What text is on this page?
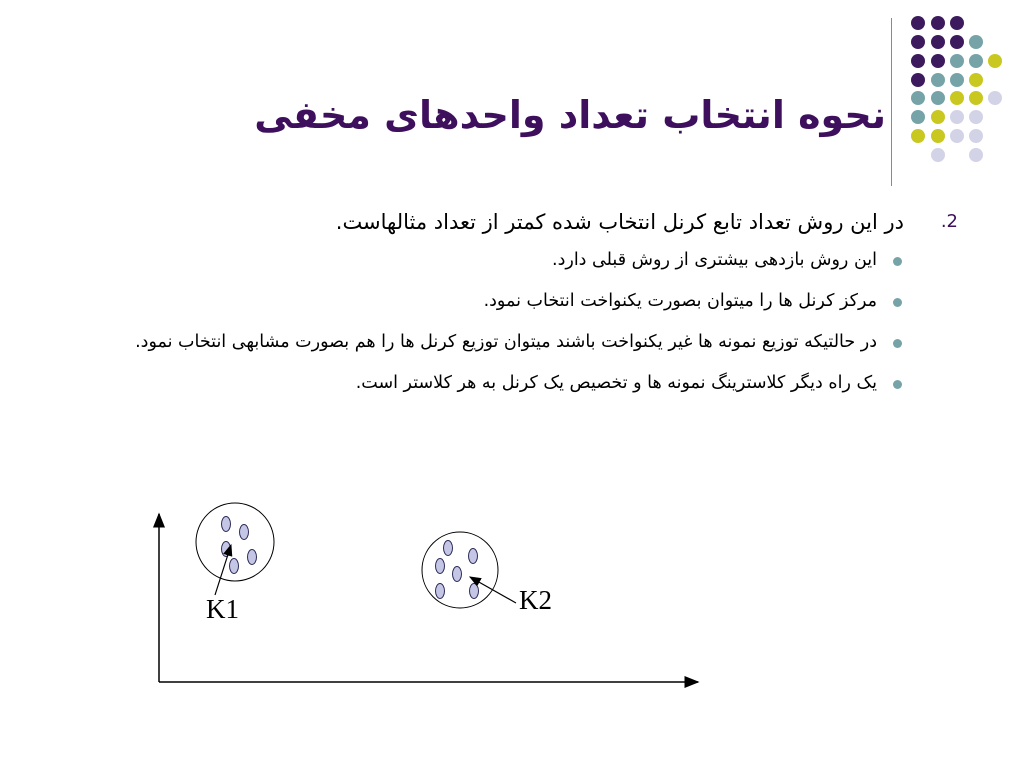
نحوه انتخاب تعداد واحدهای مخفی
2.
در این روش تعداد تابع کرنل انتخاب شده کمتر از تعداد مثالهاست.
این روش بازدهی بیشتری از روش قبلی دارد.
مرکز کرنل ها را میتوان بصورت یکنواخت انتخاب نمود.
در حالتیکه توزیع نمونه ها غیر یکنواخت باشند میتوان توزیع کرنل ها را هم بصورت مشابهی انتخاب نمود.
یک راه دیگر کلاسترینگ نمونه ها و تخصیص یک کرنل به هر کلاستر است.
K1	K2
